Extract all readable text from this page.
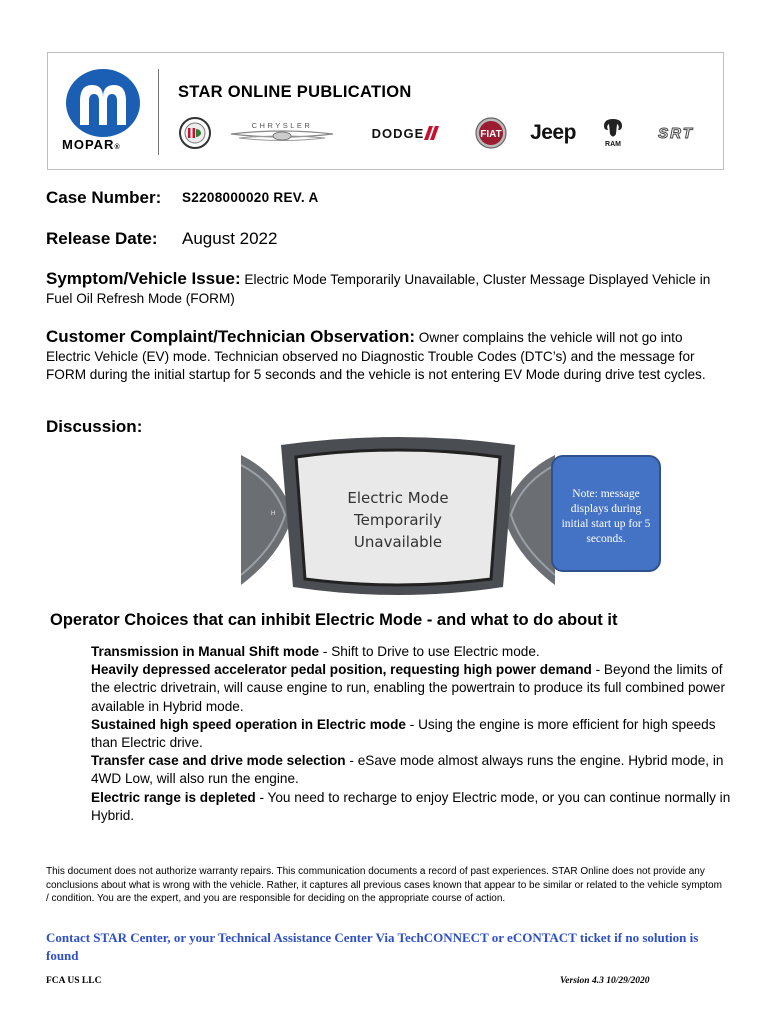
MOPAR®
STAR ONLINE PUBLICATION
CHRYSLER	DODGE	FIAT Jeep
RAM
SRT
Case Number: S2208000020 REV. A
Release Date: August 2022
Symptom/Vehicle Issue: Electric Mode Temporarily Unavailable, Cluster Message Displayed Vehicle in Fuel Oil Refresh Mode (FORM)
Customer Complaint/Technician Observation: Owner complains the vehicle will not go into Electric Vehicle (EV) mode. Technician observed no Diagnostic Trouble Codes (DTC’s) and the message for FORM during the initial startup for 5 seconds and the vehicle is not entering EV Mode during drive test cycles.
Discussion:
H
C
Electric Mode
Temporarily
Unavailable
Note: message displays during initial start up for 5 seconds.
Operator Choices that can inhibit Electric Mode - and what to do about it
Transmission in Manual Shift mode - Shift to Drive to use Electric mode.
Heavily depressed accelerator pedal position, requesting high power demand - Beyond the limits of the electric drivetrain, will cause engine to run, enabling the powertrain to produce its full combined power available in Hybrid mode.
Sustained high speed operation in Electric mode - Using the engine is more efficient for high speeds than Electric drive.
Transfer case and drive mode selection - eSave mode almost always runs the engine. Hybrid mode, in 4WD Low, will also run the engine.
Electric range is depleted - You need to recharge to enjoy Electric mode, or you can continue normally in Hybrid.
This document does not authorize warranty repairs. This communication documents a record of past experiences. STAR Online does not provide any conclusions about what is wrong with the vehicle. Rather, it captures all previous cases known that appear to be similar or related to the vehicle symptom / condition. You are the expert, and you are responsible for deciding on the appropriate course of action.
Contact STAR Center, or your Technical Assistance Center Via TechCONNECT or eCONTACT ticket if no solution is found
FCA US LLC	Version 4.3 10/29/2020
